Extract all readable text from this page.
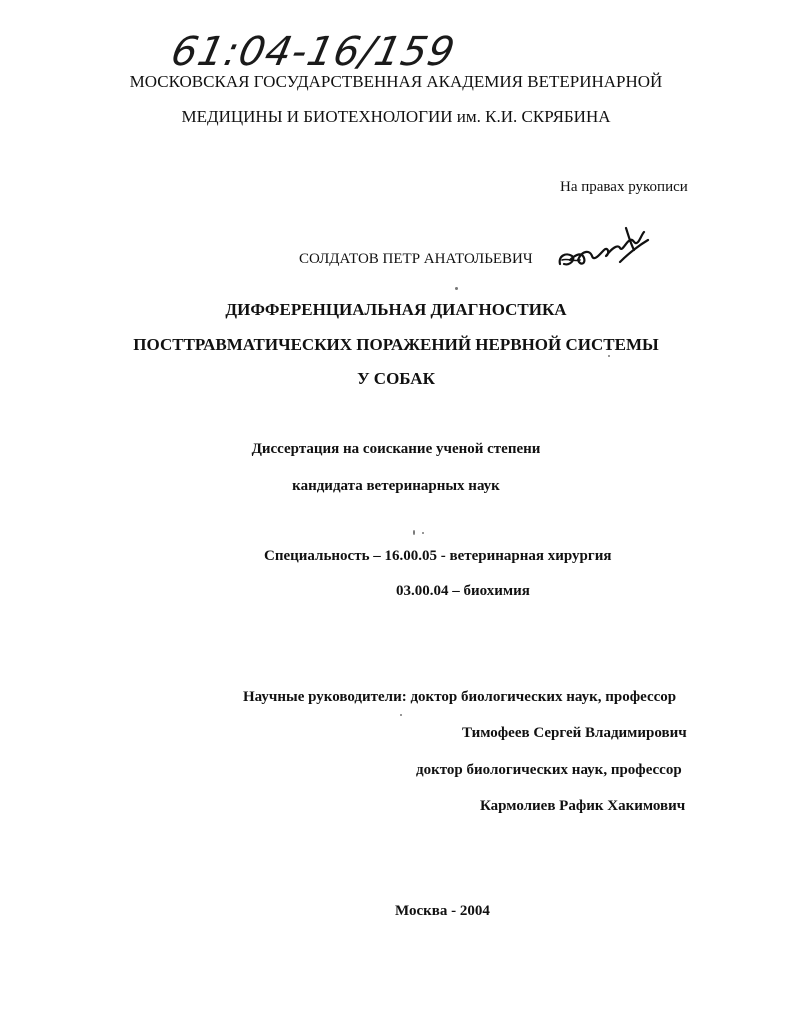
61:04-16/159
МОСКОВСКАЯ ГОСУДАРСТВЕННАЯ АКАДЕМИЯ ВЕТЕРИНАРНОЙ
МЕДИЦИНЫ И БИОТЕХНОЛОГИИ им. К.И. СКРЯБИНА
На правах рукописи
СОЛДАТОВ ПЕТР АНАТОЛЬЕВИЧ
ДИФФЕРЕНЦИАЛЬНАЯ ДИАГНОСТИКА
ПОСТТРАВМАТИЧЕСКИХ ПОРАЖЕНИЙ НЕРВНОЙ СИСТЕМЫ
У СОБАК
Диссертация на соискание ученой степени
кандидата ветеринарных наук
Специальность – 16.00.05 - ветеринарная хирургия
03.00.04 – биохимия
Научные руководители: доктор биологических наук, профессор
Тимофеев Сергей Владимирович
доктор биологических наук, профессор
Кармолиев Рафик Хакимович
Москва - 2004
